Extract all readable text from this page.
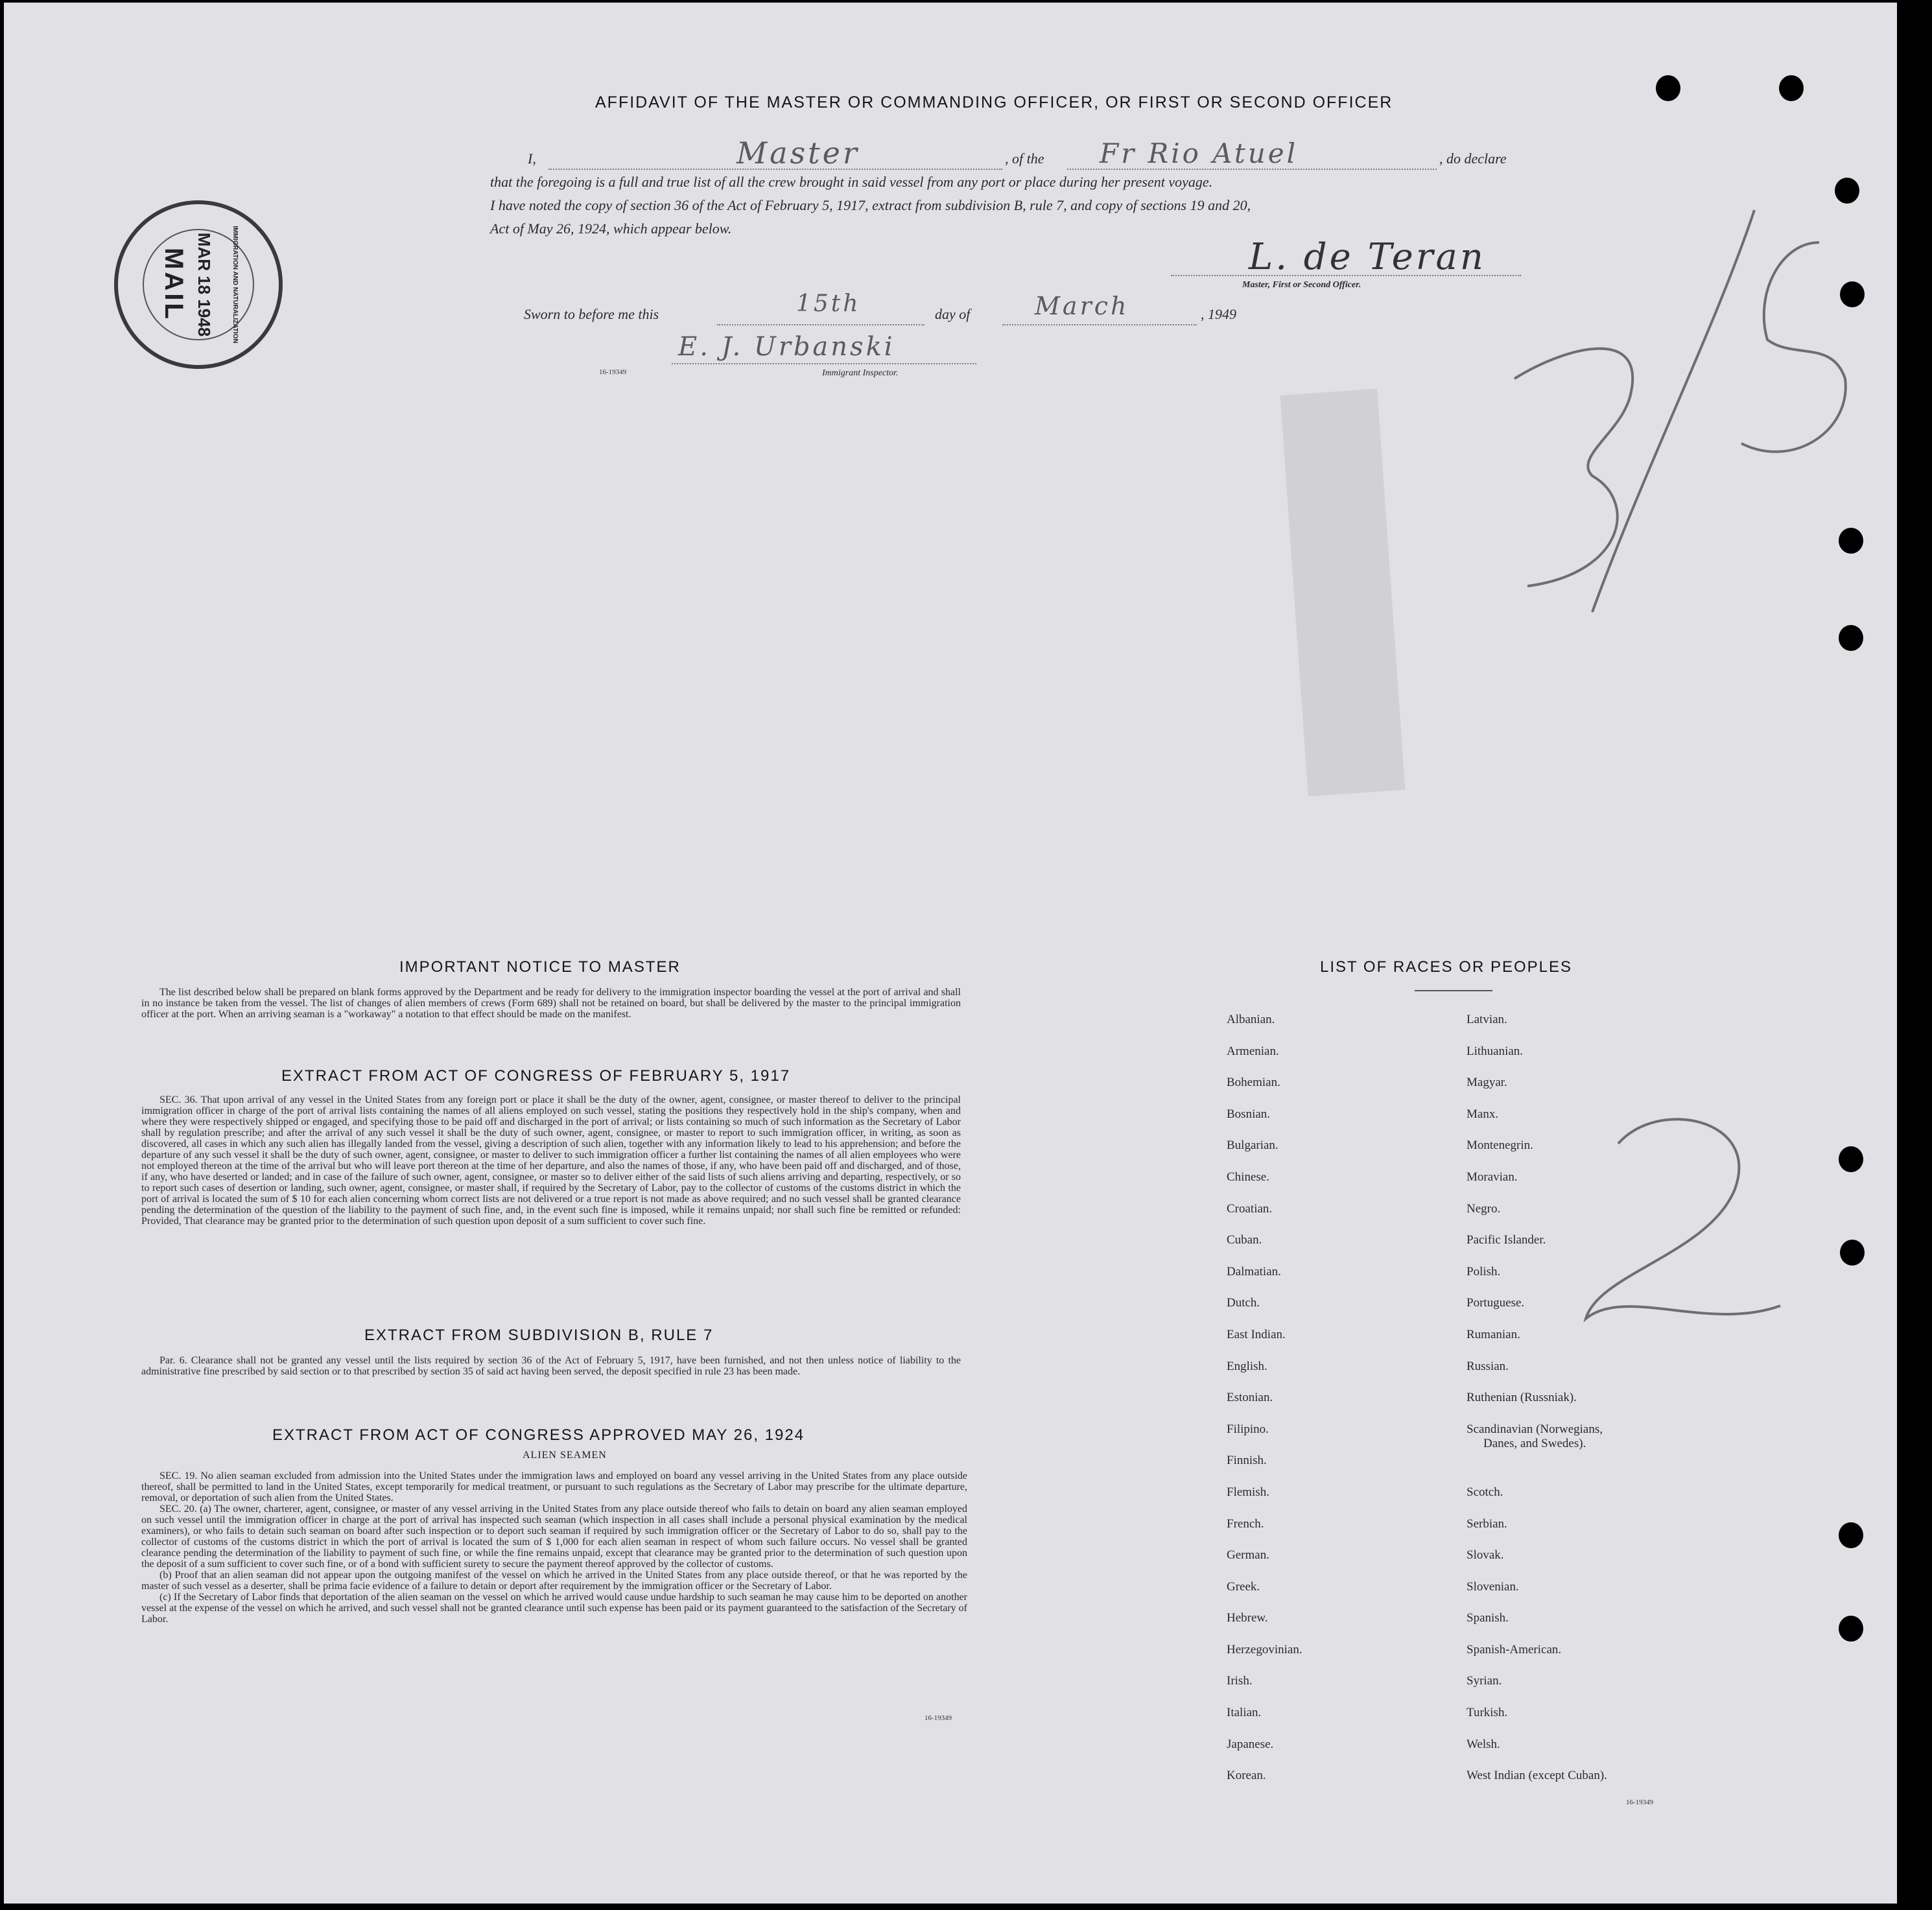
AFFIDAVIT OF THE MASTER OR COMMANDING OFFICER, OR FIRST OR SECOND OFFICER
I,	Master	, of the Fr Rio Atuel	, do declare
that the foregoing is a full and true list of all the crew brought in said vessel from any port or place during her present voyage.
I have noted the copy of section 36 of the Act of February 5, 1917, extract from subdivision B, rule 7, and copy of sections 19 and 20,
Act of May 26, 1924, which appear below.
L. de Teran
Master, First or Second Officer.
Sworn to before me this	15th	day of	March	, 1949
E. J. Urbanski
Immigrant Inspector.
16-19349
IMMIGRATION AND NATURALIZATION
MAR 18 1948
MAIL
IMPORTANT NOTICE TO MASTER

The list described below shall be prepared on blank forms approved by the Department and be ready for delivery to the immigration inspector boarding the vessel at the port of arrival and shall in no instance be taken from the vessel. The list of changes of alien members of crews (Form 689) shall not be retained on board, but shall be delivered by the master to the principal immigration officer at the port. When an arriving seaman is a "workaway" a notation to that effect should be made on the manifest.

EXTRACT FROM ACT OF CONGRESS OF FEBRUARY 5, 1917

SEC. 36. That upon arrival of any vessel in the United States from any foreign port or place it shall be the duty of the owner, agent, consignee, or master thereof to deliver to the principal immigration officer in charge of the port of arrival lists containing the names of all aliens employed on such vessel, stating the positions they respectively hold in the ship's company, when and where they were respectively shipped or engaged, and specifying those to be paid off and discharged in the port of arrival; or lists containing so much of such information as the Secretary of Labor shall by regulation prescribe; and after the arrival of any such vessel it shall be the duty of such owner, agent, consignee, or master to report to such immigration officer, in writing, as soon as discovered, all cases in which any such alien has illegally landed from the vessel, giving a description of such alien, together with any information likely to lead to his apprehension; and before the departure of any such vessel it shall be the duty of such owner, agent, consignee, or master to deliver to such immigration officer a further list containing the names of all alien employees who were not employed thereon at the time of the arrival but who will leave port thereon at the time of her departure, and also the names of those, if any, who have been paid off and discharged, and of those, if any, who have deserted or landed; and in case of the failure of such owner, agent, consignee, or master so to deliver either of the said lists of such aliens arriving and departing, respectively, or so to report such cases of desertion or landing, such owner, agent, consignee, or master shall, if required by the Secretary of Labor, pay to the collector of customs of the customs district in which the port of arrival is located the sum of $ 10 for each alien concerning whom correct lists are not delivered or a true report is not made as above required; and no such vessel shall be granted clearance pending the determination of the question of the liability to the payment of such fine, and, in the event such fine is imposed, while it remains unpaid; nor shall such fine be remitted or refunded: Provided, That clearance may be granted prior to the determination of such question upon deposit of a sum sufficient to cover such fine.

EXTRACT FROM SUBDIVISION B, RULE 7

Par. 6. Clearance shall not be granted any vessel until the lists required by section 36 of the Act of February 5, 1917, have been furnished, and not then unless notice of liability to the administrative fine prescribed by said section or to that prescribed by section 35 of said act having been served, the deposit specified in rule 23 has been made.

EXTRACT FROM ACT OF CONGRESS APPROVED MAY 26, 1924
ALIEN SEAMEN

SEC. 19. No alien seaman excluded from admission into the United States under the immigration laws and employed on board any vessel arriving in the United States from any place outside thereof, shall be permitted to land in the United States, except temporarily for medical treatment, or pursuant to such regulations as the Secretary of Labor may prescribe for the ultimate departure, removal, or deportation of such alien from the United States.

SEC. 20. (a) The owner, charterer, agent, consignee, or master of any vessel arriving in the United States from any place outside thereof who fails to detain on board any alien seaman employed on such vessel until the immigration officer in charge at the port of arrival has inspected such seaman (which inspection in all cases shall include a personal physical examination by the medical examiners), or who fails to detain such seaman on board after such inspection or to deport such seaman if required by such immigration officer or the Secretary of Labor to do so, shall pay to the collector of customs of the customs district in which the port of arrival is located the sum of $ 1,000 for each alien seaman in respect of whom such failure occurs. No vessel shall be granted clearance pending the determination of the liability to payment of such fine, or while the fine remains unpaid, except that clearance may be granted prior to the determination of such question upon the deposit of a sum sufficient to cover such fine, or of a bond with sufficient surety to secure the payment thereof approved by the collector of customs.

(b) Proof that an alien seaman did not appear upon the outgoing manifest of the vessel on which he arrived in the United States from any place outside thereof, or that he was reported by the master of such vessel as a deserter, shall be prima facie evidence of a failure to detain or deport after requirement by the immigration officer or the Secretary of Labor.

(c) If the Secretary of Labor finds that deportation of the alien seaman on the vessel on which he arrived would cause undue hardship to such seaman he may cause him to be deported on another vessel at the expense of the vessel on which he arrived, and such vessel shall not be granted clearance until such expense has been paid or its payment guaranteed to the satisfaction of the Secretary of Labor.

16-19349
LIST OF RACES OR PEOPLES
Albanian.
Armenian.
Bohemian.
Bosnian.
Bulgarian.
Chinese.
Croatian.
Cuban.
Dalmatian.
Dutch.
East Indian.
English.
Estonian.
Filipino.
Finnish.
Flemish.
French.
German.
Greek.
Hebrew.
Herzegovinian.
Irish.
Italian.
Japanese.
Korean.
Latvian.
Lithuanian.
Magyar.
Manx.
Montenegrin.
Moravian.
Negro.
Pacific Islander.
Polish.
Portuguese.
Rumanian.
Russian.
Ruthenian (Russniak).
Scandinavian (Norwegians,
Danes, and Swedes).
Scotch.
Serbian.
Slovak.
Slovenian.
Spanish.
Spanish-American.
Syrian.
Turkish.
Welsh.
West Indian (except Cuban).
16-19349
